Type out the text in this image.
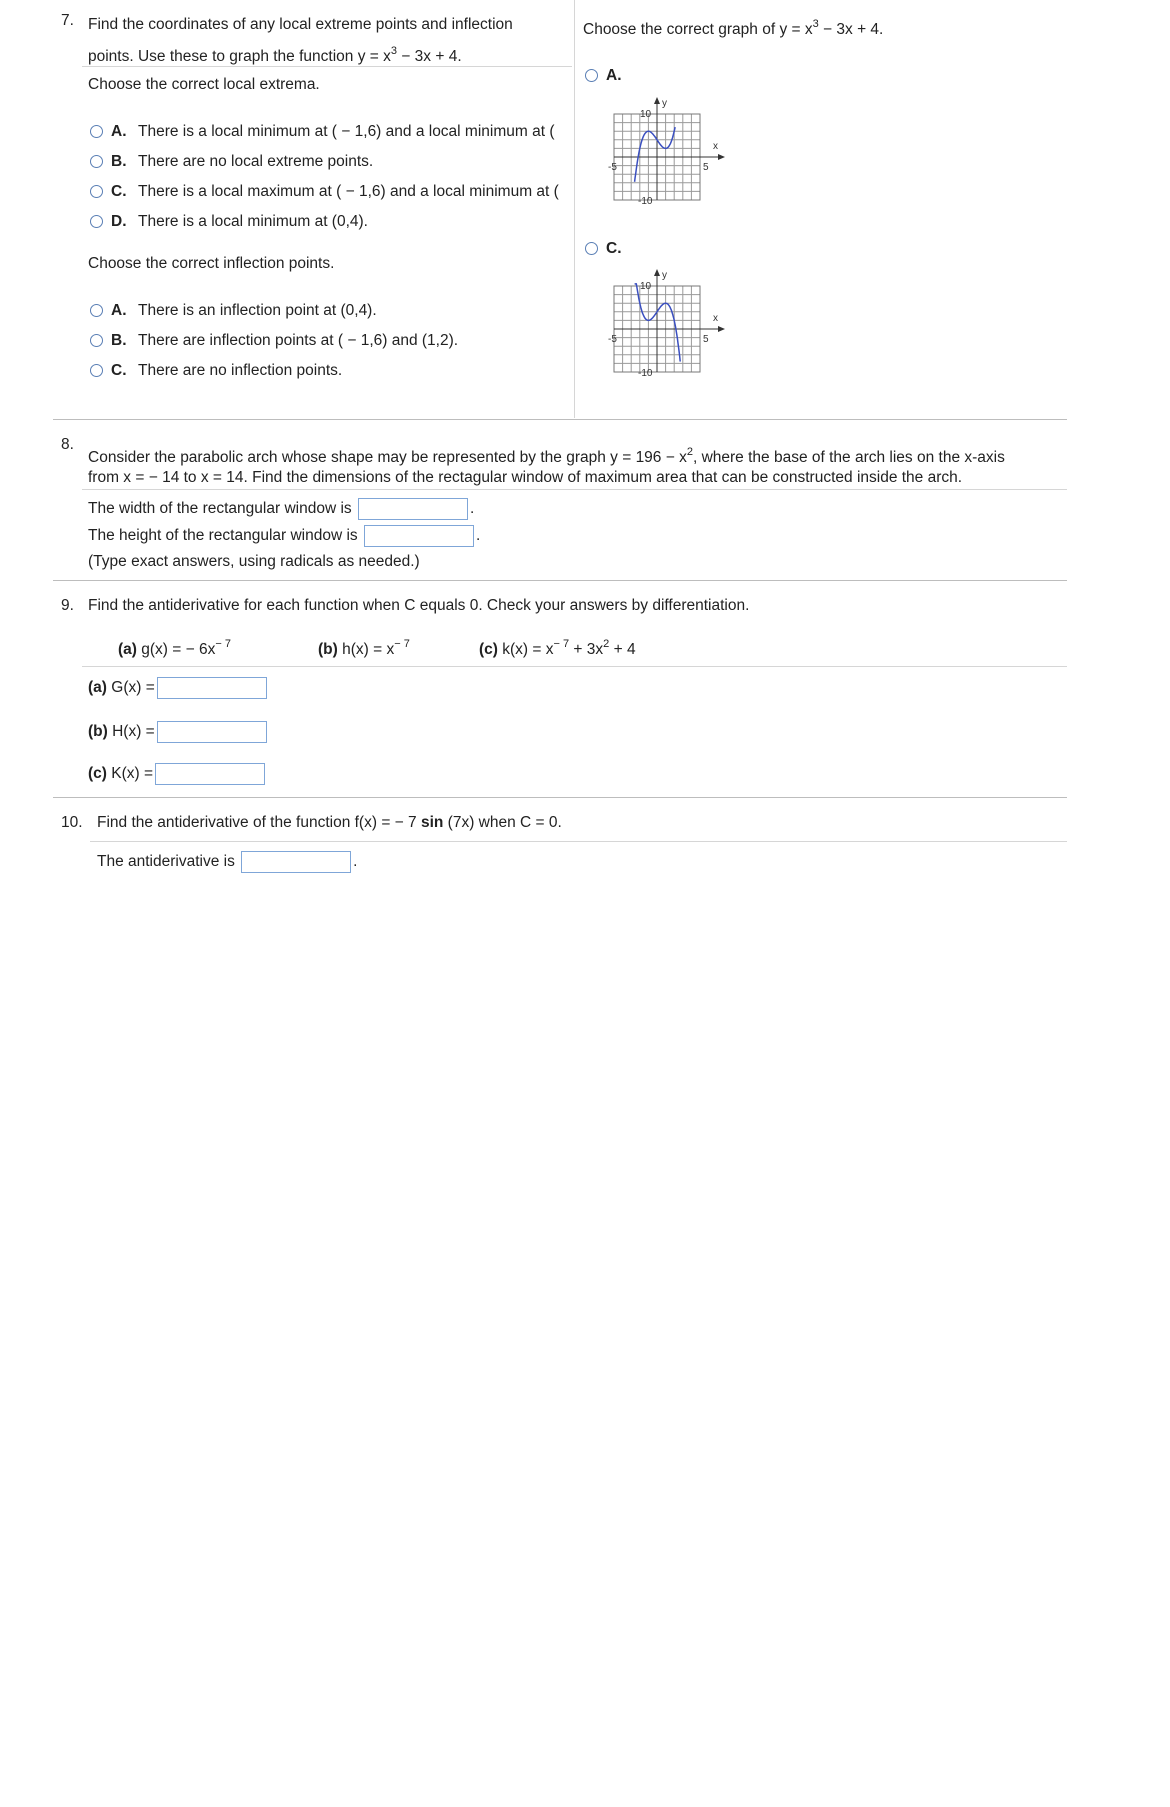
7. Find the coordinates of any local extreme points and inflection
points. Use these to graph the function $y = x^3 - 3x + 4$.
Choose the correct local extrema.
A. There is a local minimum at ( − 1,6) and a local minimum at (
B. There are no local extreme points.
C. There is a local maximum at ( − 1,6) and a local minimum at (
D. There is a local minimum at (0,4).
Choose the correct inflection points.
A. There is an inflection point at (0,4).
B. There are inflection points at ( − 1,6) and (1,2).
C. There are no inflection points.
Choose the correct graph of $y = x^3 - 3x + 4$.
A.
y
x
10
-10
-5	5
C.
y
x
10
-10
-5	5
8.
Consider the parabolic arch whose shape may be represented by the graph $y = 196 - x^2$, where the base of the arch lies on the x-axis
from x = − 14 to x = 14. Find the dimensions of the rectagular window of maximum area that can be constructed inside the arch.
The width of the rectangular window is	.
The height of the rectangular window is	.
(Type exact answers, using radicals as needed.)
9. Find the antiderivative for each function when C equals 0. Check your answers by differentiation.
(a) g(x) = − $6x^{- 7}$	(b) $h(x) = x^{- 7}$	(c) $k(x) = x^{- 7} + 3x^2 + 4$
(a) G(x) =
(b) H(x) =
(c) K(x) =
10. Find the antiderivative of the function f(x) = − 7 sin (7x) when C = 0.
The antiderivative is	.
